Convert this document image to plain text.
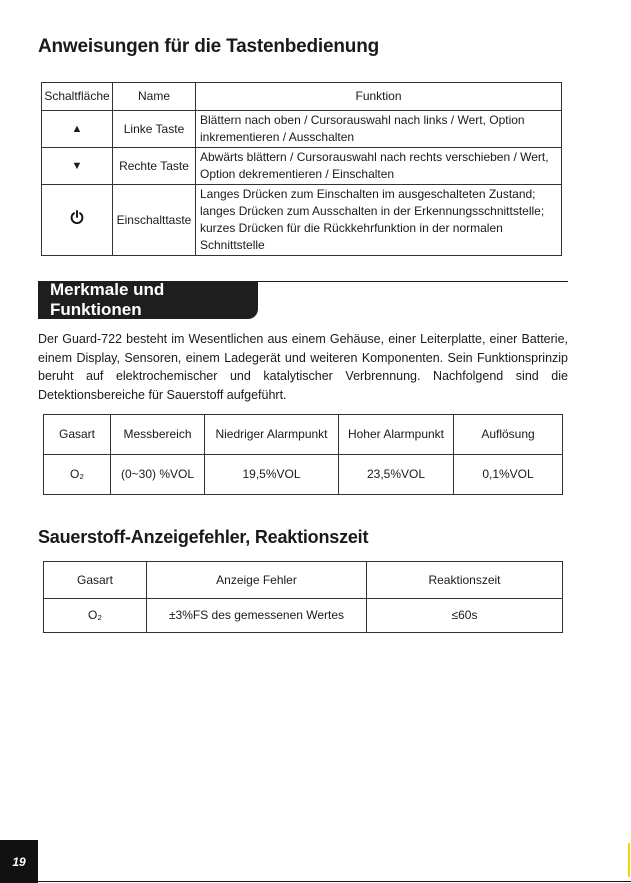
Anweisungen für die Tastenbedienung
Schaltfläche	Name	Funktion
▲	Linke Taste	Blättern nach oben / Cursorauswahl nach links / Wert, Option inkrementieren / Ausschalten
▼	Rechte Taste	Abwärts blättern / Cursorauswahl nach rechts verschieben / Wert, Option dekrementieren / Einschalten
	Einschalttaste	Langes Drücken zum Einschalten im ausgeschalteten Zustand; langes Drücken zum Ausschalten in der Erkennungsschnittstelle; kurzes Drücken für die Rückkehrfunktion in der normalen Schnittstelle
Merkmale und Funktionen

Der Guard-722 besteht im Wesentlichen aus einem Gehäuse, einer Leiterplatte, einer Batterie, einem Display, Sensoren, einem Ladegerät und weiteren Komponenten. Sein Funktionsprinzip beruht auf elektrochemischer und katalytischer Verbrennung. Nachfolgend sind die Detektionsbereiche für Sauerstoff aufgeführt.

Gasart	Messbereich	Niedriger Alarmpunkt	Hoher Alarmpunkt	Auflösung
O₂	(0~30) %VOL	19,5%VOL	23,5%VOL	0,1%VOL
Sauerstoff-Anzeigefehler, Reaktionszeit
Gasart	Anzeige Fehler	Reaktionszeit
O₂	±3%FS des gemessenen Wertes	≤60s
19
